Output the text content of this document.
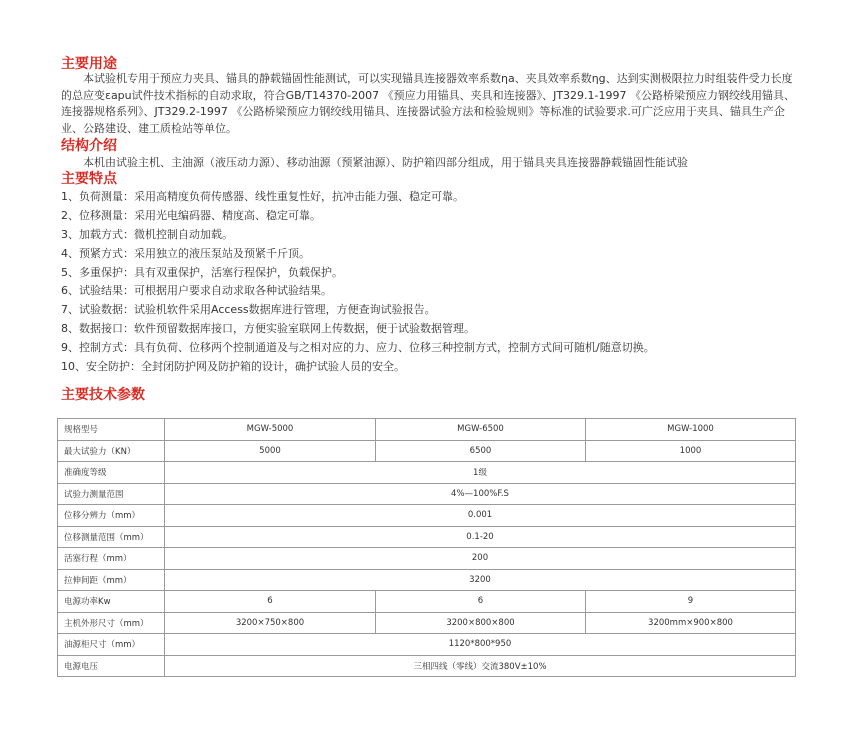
主要用途

本试验机专用于预应力夹具、锚具的静载锚固性能测试，可以实现锚具连接器效率系数ηa、夹具效率系数ηg、达到实测极限拉力时组装件受力长度的总应变εapu试件技术指标的自动求取，符合GB/T14370-2007 《预应力用锚具、夹具和连接器》、JT329.1-1997 《公路桥梁预应力钢绞线用锚具、连接器规格系列》、JT329.2-1997 《公路桥梁预应力钢绞线用锚具、连接器试验方法和检验规则》等标准的试验要求.可广泛应用于夹具、锚具生产企业、公路建设、建工质检站等单位。

结构介绍

本机由试验主机、主油源（液压动力源）、移动油源（预紧油源）、防护箱四部分组成，用于锚具夹具连接器静载锚固性能试验

主要特点
1、负荷测量：采用高精度负荷传感器、线性重复性好，抗冲击能力强、稳定可靠。
2、位移测量：采用光电编码器、精度高、稳定可靠。
3、加载方式：微机控制自动加载。
4、预紧方式：采用独立的液压泵站及预紧千斤顶。
5、多重保护：具有双重保护，活塞行程保护，负载保护。
6、试验结果：可根据用户要求自动求取各种试验结果。
7、试验数据：试验机软件采用Access数据库进行管理，方便查询试验报告。
8、数据接口：软件预留数据库接口，方便实验室联网上传数据，便于试验数据管理。
9、控制方式：具有负荷、位移两个控制通道及与之相对应的力、应力、位移三种控制方式，控制方式间可随机/随意切换。
10、安全防护：全封闭防护网及防护箱的设计，确护试验人员的安全。
主要技术参数
规格型号	MGW-5000	MGW-6500	MGW-1000
最大试验力（KN）	5000	6500	1000
准确度等级	1级		
试验力测量范围	4%—100%F.S		
位移分辨力（mm）	0.001		
位移测量范围（mm）	0.1-20		
活塞行程（mm）	200		
拉伸间距（mm）	3200		
电源功率Kw	6	6	9
主机外形尺寸（mm）	3200×750×800	3200×800×800	3200mm×900×800
油源柜尺寸（mm）	1120*800*950		
电源电压	三相四线（零线）交流380V±10%		
